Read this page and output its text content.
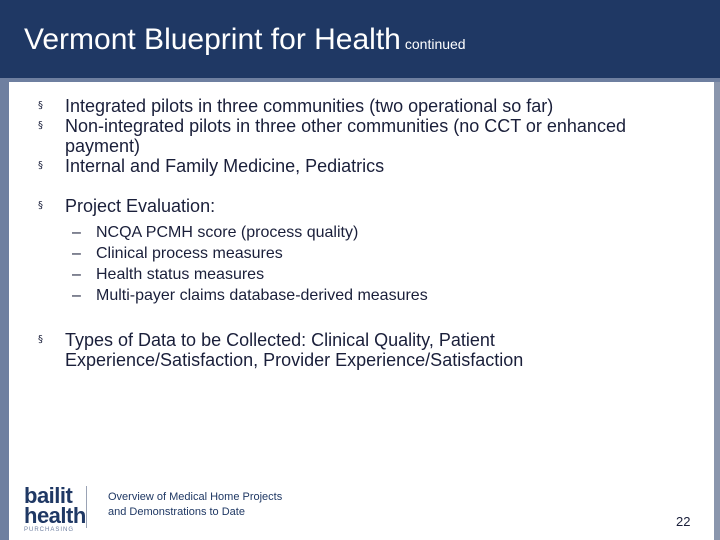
Vermont Blueprint for Health continued
§ Integrated pilots in three communities (two operational so far)
§ Non-integrated pilots in three other communities (no CCT or enhanced payment)
§ Internal and Family Medicine, Pediatrics
§ Project Evaluation:
– NCQA PCMH score (process quality)
– Clinical process measures
– Health status measures
– Multi-payer claims database-derived measures
§ Types of Data to be Collected: Clinical Quality, Patient Experience/Satisfaction, Provider Experience/Satisfaction
bailit
health
PURCHASING
Overview of Medical Home Projects
and Demonstrations to Date
22
